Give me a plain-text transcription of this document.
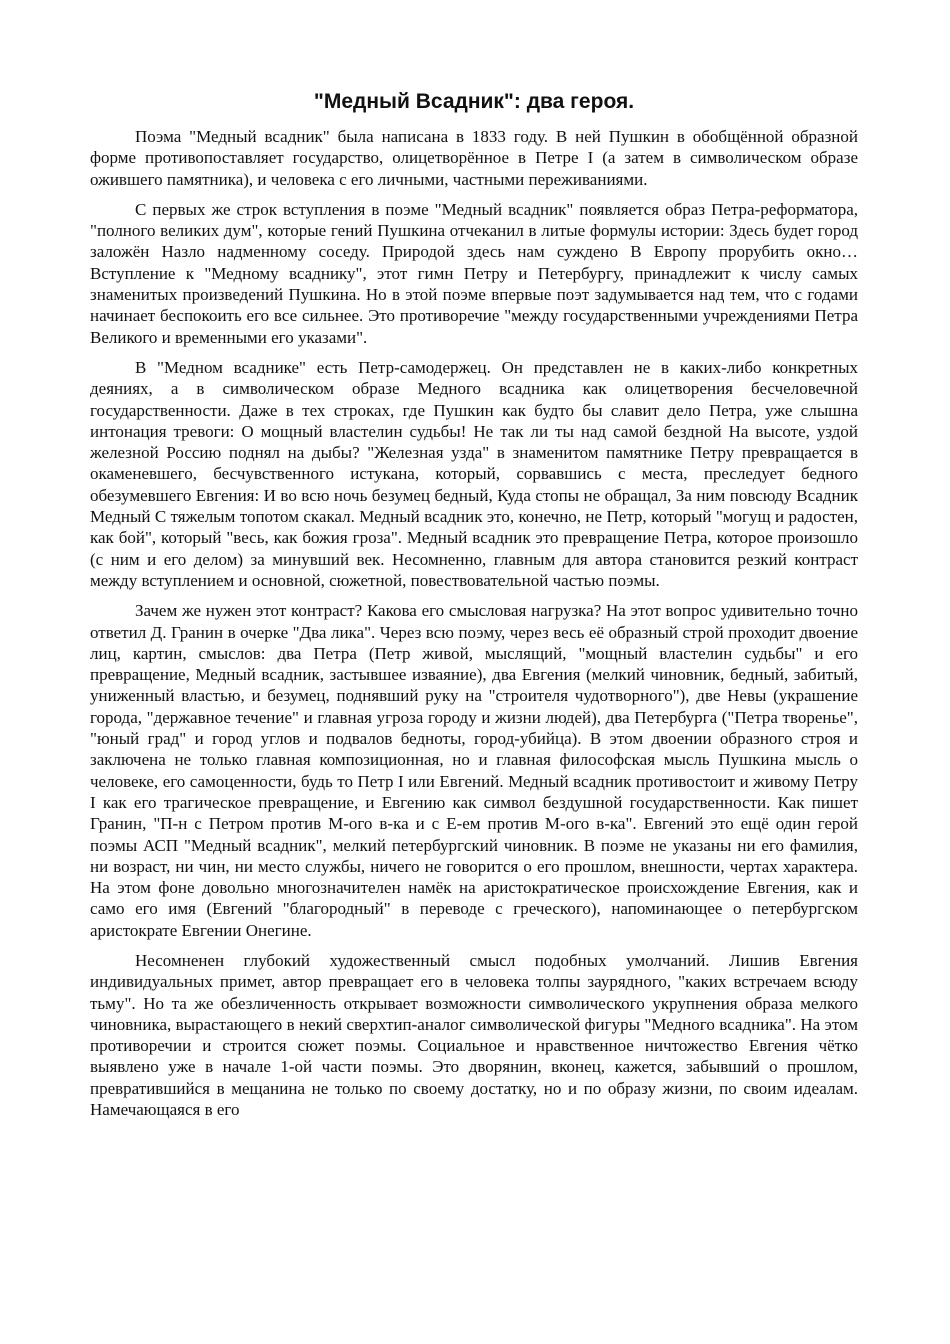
"Медный Всадник": два героя.

Поэма "Медный всадник" была написана в 1833 году. В ней Пушкин в обобщённой образной форме противопоставляет государство, олицетворённое в Петре I (а затем в символическом образе ожившего памятника), и человека с его личными, частными переживаниями.

С первых же строк вступления в поэме "Медный всадник" появляется образ Петра-реформатора, "полного великих дум", которые гений Пушкина отчеканил в литые формулы истории: Здесь будет город заложён Назло надменному соседу. Природой здесь нам суждено В Европу прорубить окно… Вступление к "Медному всаднику", этот гимн Петру и Петербургу, принадлежит к числу самых знаменитых произведений Пушкина. Но в этой поэме впервые поэт задумывается над тем, что с годами начинает беспокоить его все сильнее. Это противоречие "между государственными учреждениями Петра Великого и временными его указами".

В "Медном всаднике" есть Петр-самодержец. Он представлен не в каких-либо конкретных деяниях, а в символическом образе Медного всадника как олицетворения бесчеловечной государственности. Даже в тех строках, где Пушкин как будто бы славит дело Петра, уже слышна интонация тревоги: О мощный властелин судьбы! Не так ли ты над самой бездной На высоте, уздой железной Россию поднял на дыбы? "Железная узда" в знаменитом памятнике Петру превращается в окаменевшего, бесчувственного истукана, который, сорвавшись с места, преследует бедного обезумевшего Евгения: И во всю ночь безумец бедный, Куда стопы не обращал, За ним повсюду Всадник Медный С тяжелым топотом скакал. Медный всадник это, конечно, не Петр, который "могущ и радостен, как бой", который "весь, как божия гроза". Медный всадник это превращение Петра, которое произошло (с ним и его делом) за минувший век. Несомненно, главным для автора становится резкий контраст между вступлением и основной, сюжетной, повествовательной частью поэмы.

Зачем же нужен этот контраст? Какова его смысловая нагрузка? На этот вопрос удивительно точно ответил Д. Гранин в очерке "Два лика". Через всю поэму, через весь её образный строй проходит двоение лиц, картин, смыслов: два Петра (Петр живой, мыслящий, "мощный властелин судьбы" и его превращение, Медный всадник, застывшее изваяние), два Евгения (мелкий чиновник, бедный, забитый, униженный властью, и безумец, поднявший руку на "строителя чудотворного"), две Невы (украшение города, "державное течение" и главная угроза городу и жизни людей), два Петербурга ("Петра творенье", "юный град" и город углов и подвалов бедноты, город-убийца). В этом двоении образного строя и заключена не только главная композиционная, но и главная философская мысль Пушкина мысль о человеке, его самоценности, будь то Петр I или Евгений. Медный всадник противостоит и живому Петру I как его трагическое превращение, и Евгению как символ бездушной государственности. Как пишет Гранин, "П-н с Петром против М-ого в-ка и с Е-ем против М-ого в-ка". Евгений это ещё один герой поэмы АСП "Медный всадник", мелкий петербургский чиновник. В поэме не указаны ни его фамилия, ни возраст, ни чин, ни место службы, ничего не говорится о его прошлом, внешности, чертах характера. На этом фоне довольно многозначителен намёк на аристократическое происхождение Евгения, как и само его имя (Евгений "благородный" в переводе с греческого), напоминающее о петербургском аристократе Евгении Онегине.

Несомненен глубокий художественный смысл подобных умолчаний. Лишив Евгения индивидуальных примет, автор превращает его в человека толпы заурядного, "каких встречаем всюду тьму". Но та же обезличенность открывает возможности символического укрупнения образа мелкого чиновника, вырастающего в некий сверхтип-аналог символической фигуры "Медного всадника". На этом противоречии и строится сюжет поэмы. Социальное и нравственное ничтожество Евгения чётко выявлено уже в начале 1-ой части поэмы. Это дворянин, вконец, кажется, забывший о прошлом, превратившийся в мещанина не только по своему достатку, но и по образу жизни, по своим идеалам. Намечающаяся в его
